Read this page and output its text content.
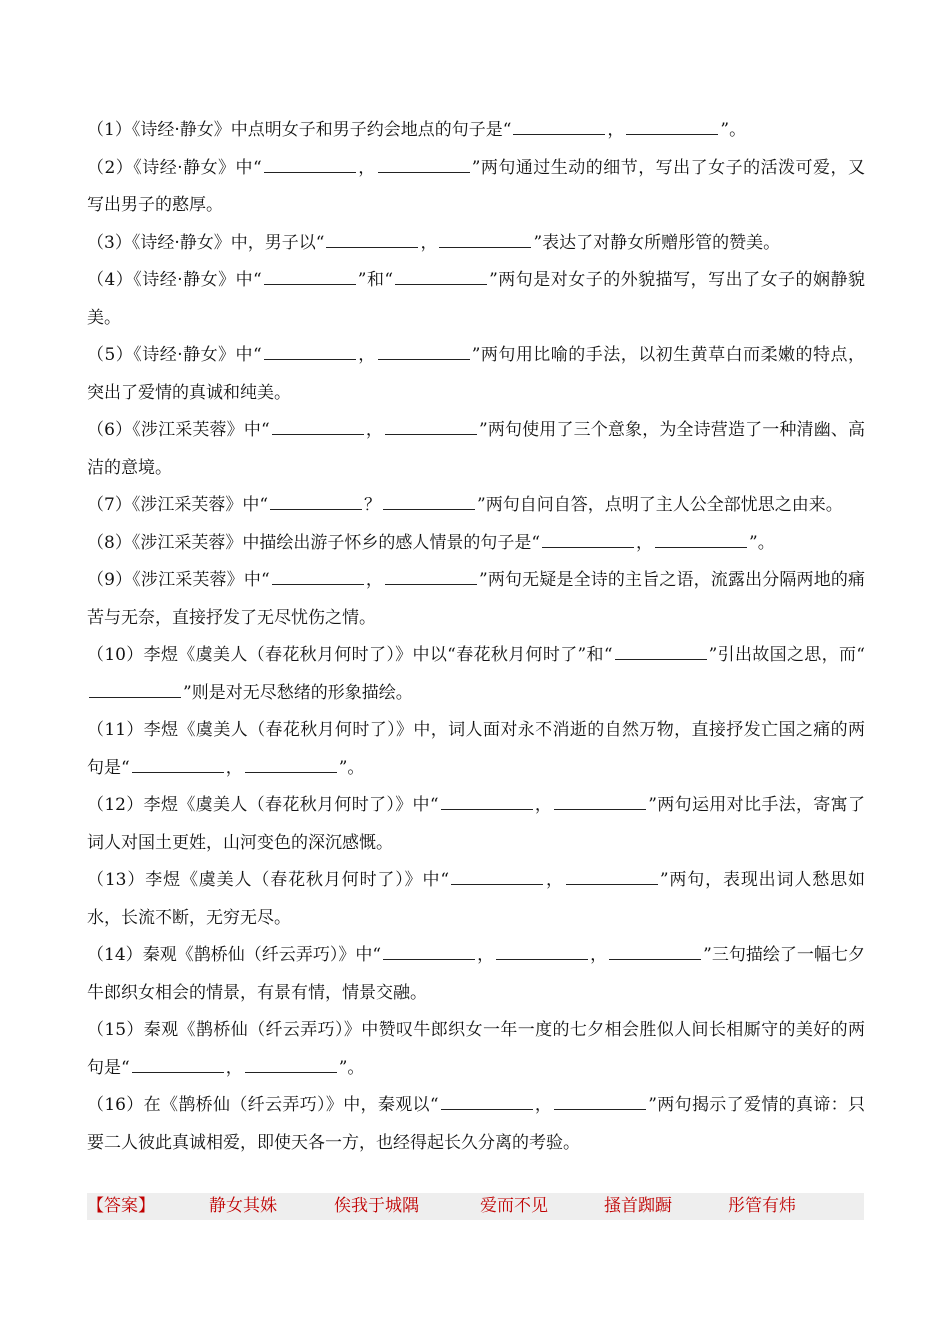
（1）《诗经·静女》中点明女子和男子约会地点的句子是“	，	”。

（2）《诗经·静女》中“	，	”两句通过生动的细节，写出了女子的活泼可爱，又写出男子的憨厚。

（3）《诗经·静女》中，男子以“	，	”表达了对静女所赠彤管的赞美。

（4）《诗经·静女》中“	”和“	”两句是对女子的外貌描写，写出了女子的娴静貌美。

（5）《诗经·静女》中“	，	”两句用比喻的手法，以初生黄草白而柔嫩的特点，突出了爱情的真诚和纯美。

（6）《涉江采芙蓉》中“	，	”两句使用了三个意象，为全诗营造了一种清幽、高洁的意境。

（7）《涉江采芙蓉》中“	？	”两句自问自答，点明了主人公全部忧思之由来。

（8）《涉江采芙蓉》中描绘出游子怀乡的感人情景的句子是“	，	”。

（9）《涉江采芙蓉》中“	，	”两句无疑是全诗的主旨之语，流露出分隔两地的痛苦与无奈，直接抒发了无尽忧伤之情。

（10）李煜《虞美人（春花秋月何时了）》中以“春花秋月何时了”和“	”引出故国之思，而“”则是对无尽愁绪的形象描绘。

（11）李煜《虞美人（春花秋月何时了）》中，词人面对永不消逝的自然万物，直接抒发亡国之痛的两句是“	，	”。

（12）李煜《虞美人（春花秋月何时了）》中“	，	”两句运用对比手法，寄寓了词人对国土更姓，山河变色的深沉感慨。

（13）李煜《虞美人（春花秋月何时了）》中“	，	”两句，表现出词人愁思如水，长流不断，无穷无尽。

（14）秦观《鹊桥仙（纤云弄巧）》中“	，	，	”三句描绘了一幅七夕牛郎织女相会的情景，有景有情，情景交融。

（15）秦观《鹊桥仙（纤云弄巧）》中赞叹牛郎织女一年一度的七夕相会胜似人间长相厮守的美好的两句是“	，	”。

（16）在《鹊桥仙（纤云弄巧）》中，秦观以“	，	”两句揭示了爱情的真谛：只要二人彼此真诚相爱，即使天各一方，也经得起长久分离的考验。

【答案】	静女其姝	俟我于城隅	爱而不见	搔首踟蹰	彤管有炜
